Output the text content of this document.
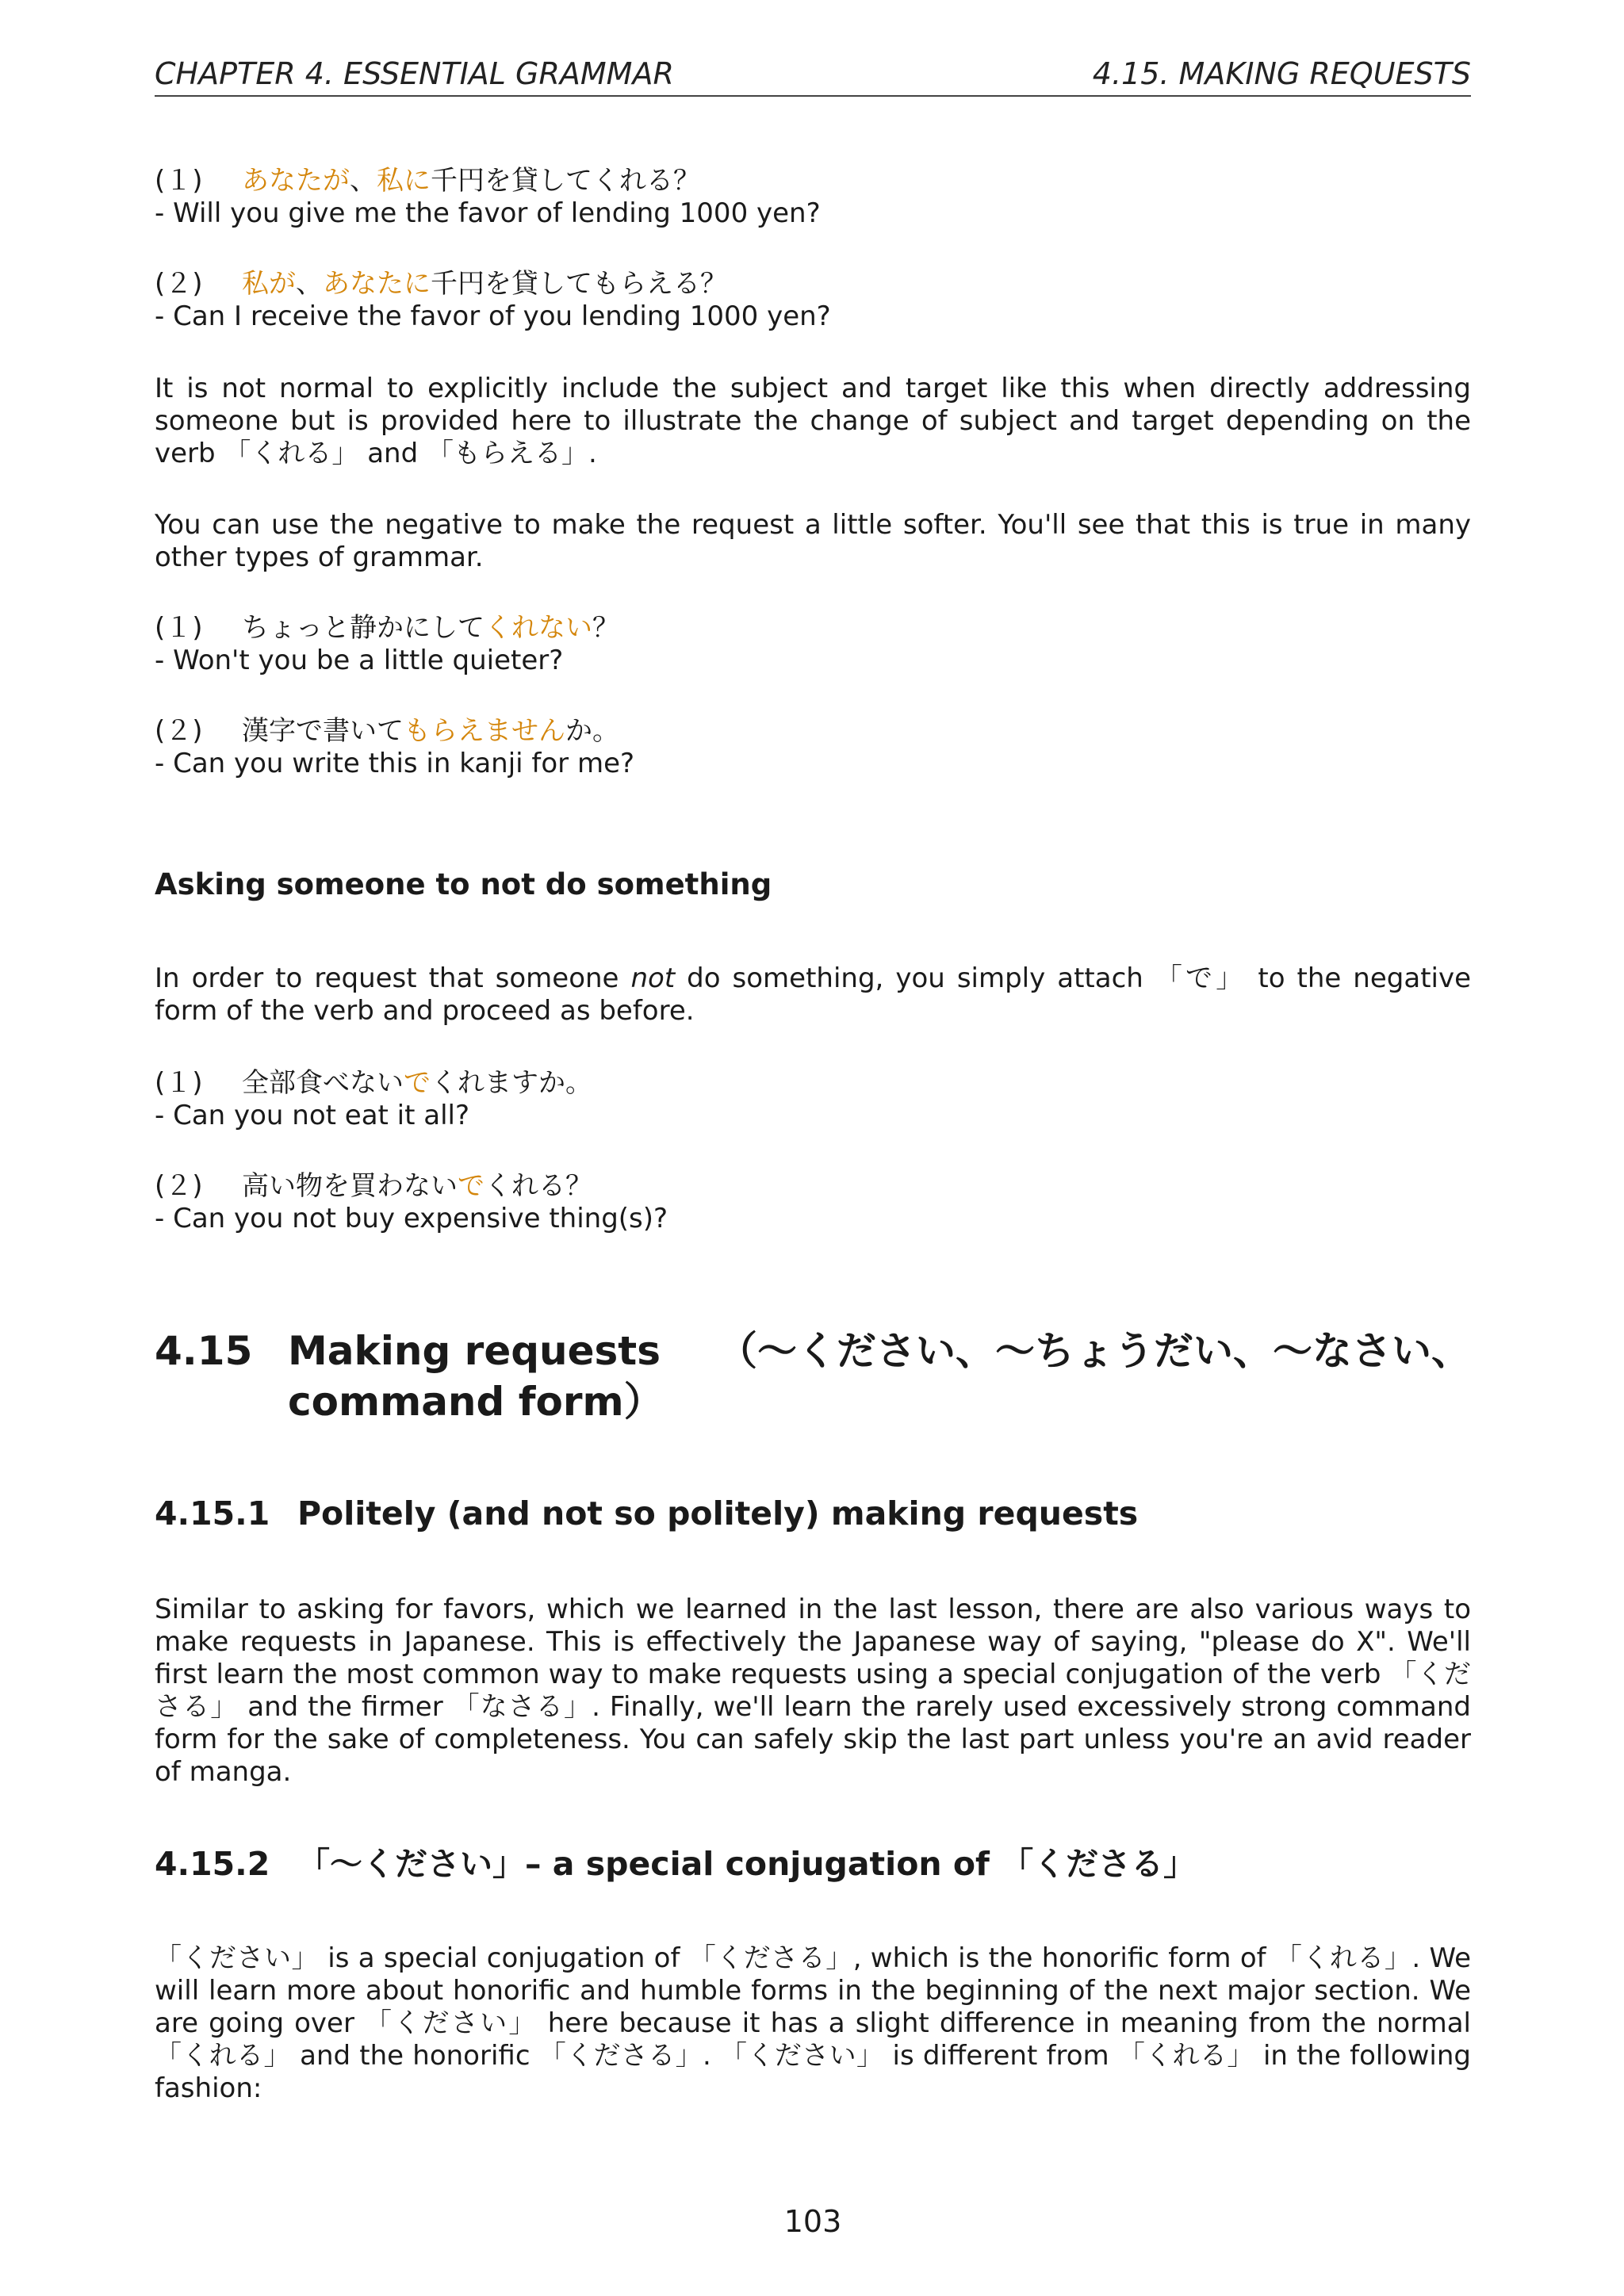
CHAPTER 4. ESSENTIAL GRAMMAR	4.15. MAKING REQUESTS
(１) あなたが、私に千円を貸してくれる？
- Will you give me the favor of lending 1000 yen?
(２) 私が、あなたに千円を貸してもらえる？
- Can I receive the favor of you lending 1000 yen?

It is not normal to explicitly include the subject and target like this when directly addressing someone but is provided here to illustrate the change of subject and target depending on the verb 「くれる」 and 「もらえる」.

You can use the negative to make the request a little softer. You'll see that this is true in many other types of grammar.

(１) ちょっと静かにしてくれない？
- Won't you be a little quieter?
(２) 漢字で書いてもらえませんか。
- Can you write this in kanji for me?
Asking someone to not do something

In order to request that someone not do something, you simply attach 「で」 to the negative form of the verb and proceed as before.

(１) 全部食べないでくれますか。
- Can you not eat it all?
(２) 高い物を買わないでくれる？
- Can you not buy expensive thing(s)?
4.15 Making requests （〜ください、〜ちょうだい、〜なさい、
command form）
4.15.1 Politely (and not so politely) making requests

Similar to asking for favors, which we learned in the last lesson, there are also various ways to make requests in Japanese. This is effectively the Japanese way of saying, "please do X". We'll first learn the most common way to make requests using a special conjugation of the verb 「くださる」 and the firmer 「なさる」. Finally, we'll learn the rarely used excessively strong command form for the sake of completeness. You can safely skip the last part unless you're an avid reader of manga.

4.15.2 「〜ください」– a special conjugation of 「くださる」

「ください」 is a special conjugation of 「くださる」, which is the honorific form of 「くれる」. We will learn more about honorific and humble forms in the beginning of the next major section. We are going over 「ください」 here because it has a slight difference in meaning from the normal 「くれる」 and the honorific 「くださる」. 「ください」 is different from 「くれる」 in the following fashion:

103
